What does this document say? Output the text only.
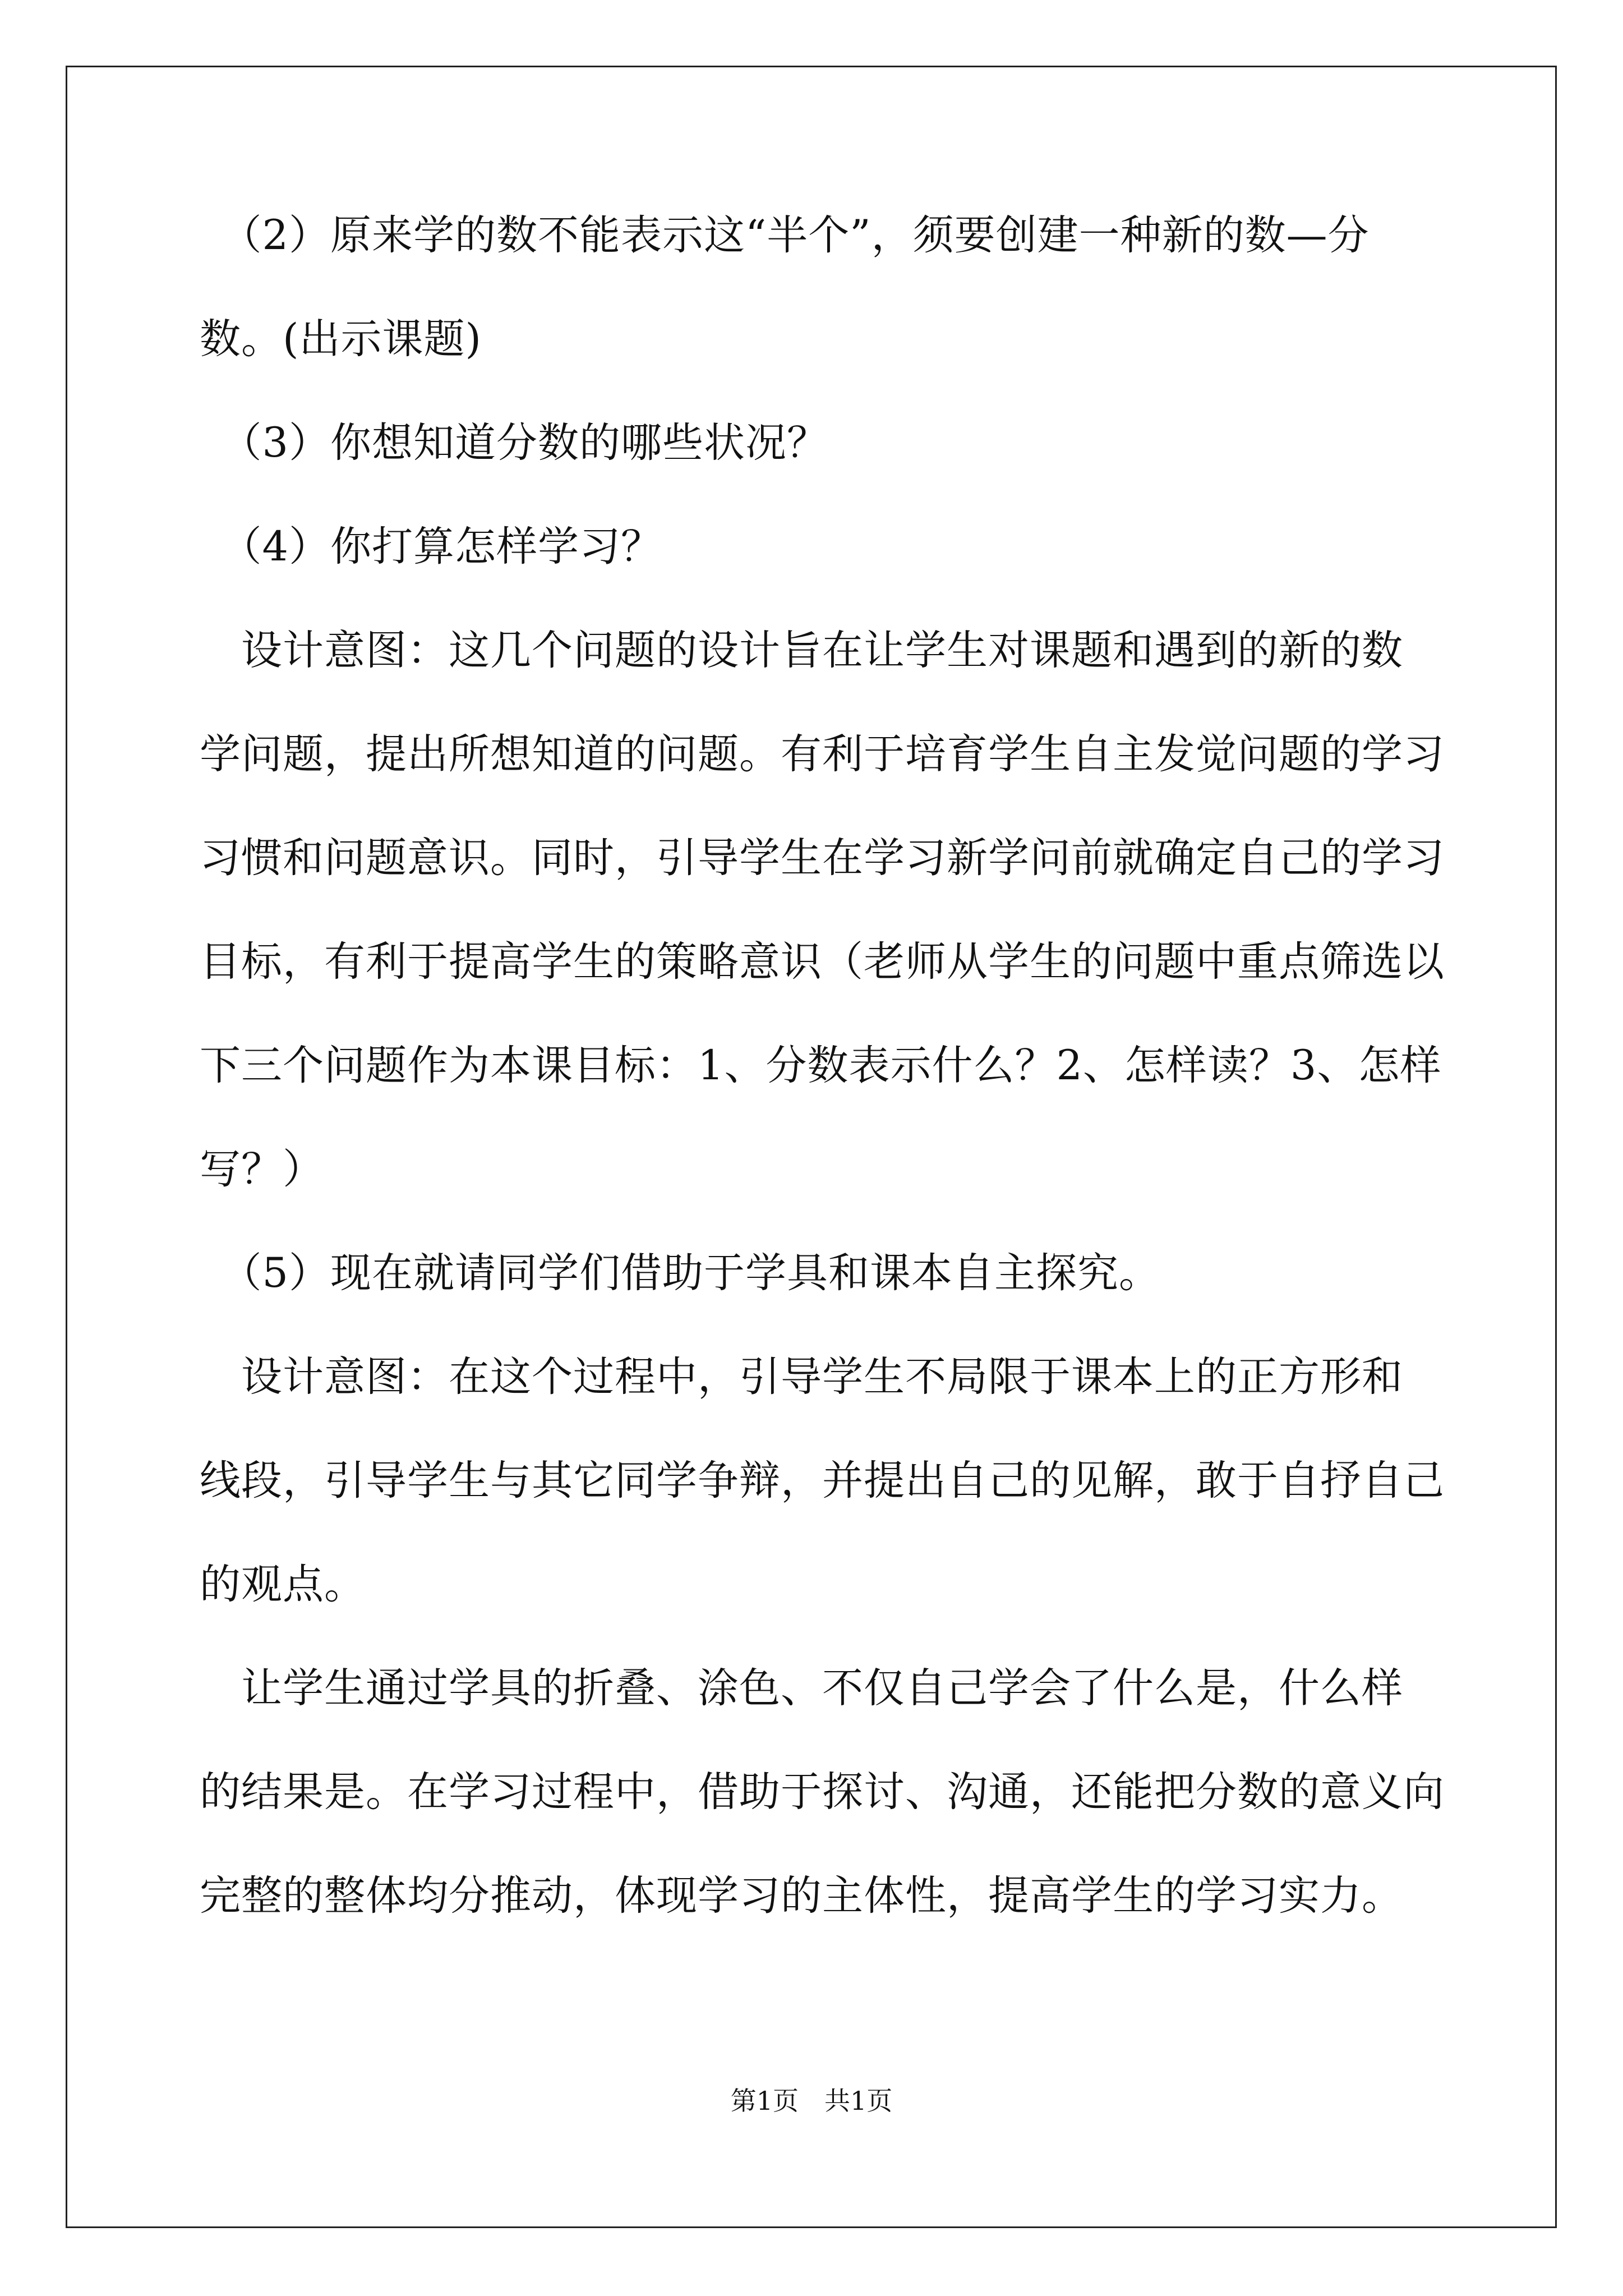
　（2）原来学的数不能表示这“半个”，须要创建一种新的数—分
数。(出示课题)
　（3）你想知道分数的哪些状况？
　（4）你打算怎样学习？
　设计意图：这几个问题的设计旨在让学生对课题和遇到的新的数
学问题，提出所想知道的问题。有利于培育学生自主发觉问题的学习
习惯和问题意识。同时，引导学生在学习新学问前就确定自己的学习
目标，有利于提高学生的策略意识（老师从学生的问题中重点筛选以
下三个问题作为本课目标：1、分数表示什么？2、怎样读？3、怎样
写？）
　（5）现在就请同学们借助于学具和课本自主探究。
　设计意图：在这个过程中，引导学生不局限于课本上的正方形和
线段，引导学生与其它同学争辩，并提出自己的见解，敢于自抒自己
的观点。
　让学生通过学具的折叠、涂色、不仅自己学会了什么是，什么样
的结果是。在学习过程中，借助于探讨、沟通，还能把分数的意义向
完整的整体均分推动，体现学习的主体性，提高学生的学习实力。
第1页 共1页
